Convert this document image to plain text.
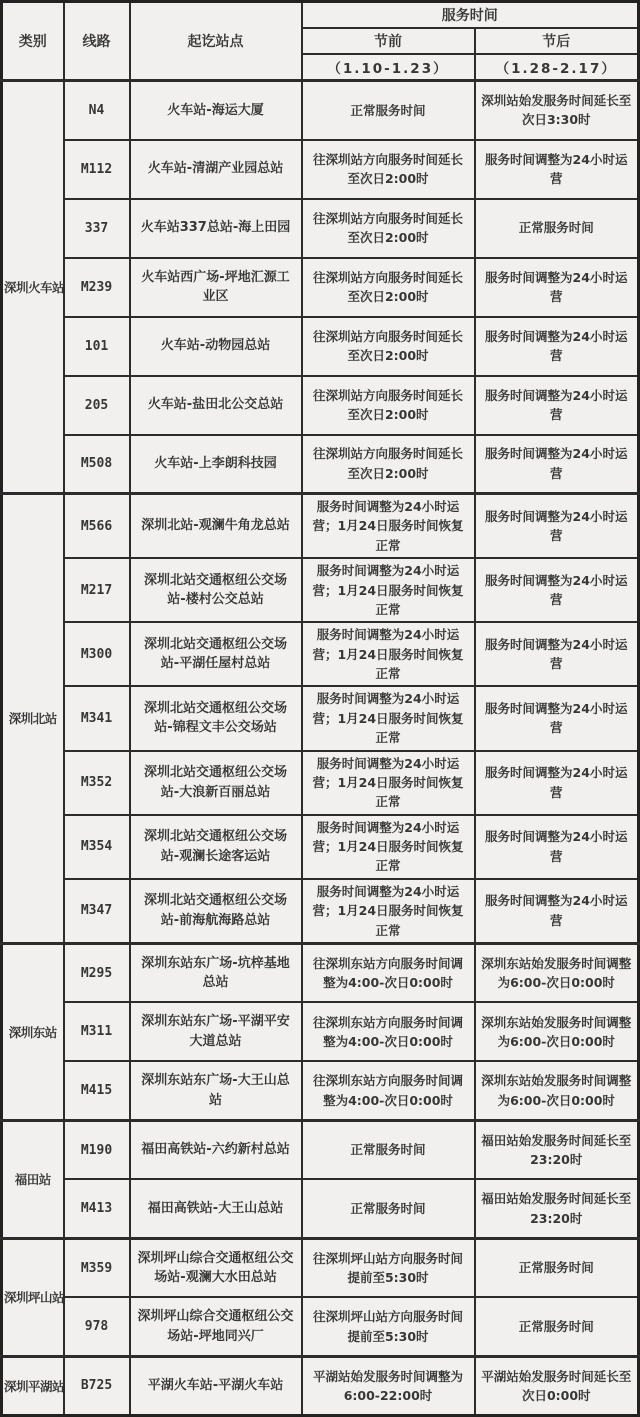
类别	线路	起讫站点	服务时间	
			节前	节后
			（1.10-1.23）	（1.28-2.17）
深圳火车站	N4	火车站-海运大厦	正常服务时间	深圳站始发服务时间延长至次日3:30时
	M112	火车站-清湖产业园总站	往深圳站方向服务时间延长至次日2:00时	服务时间调整为24小时运营
	337	火车站337总站-海上田园	往深圳站方向服务时间延长至次日2:00时	正常服务时间
	M239	火车站西广场-坪地汇源工业区	往深圳站方向服务时间延长至次日2:00时	服务时间调整为24小时运营
	101	火车站-动物园总站	往深圳站方向服务时间延长至次日2:00时	服务时间调整为24小时运营
	205	火车站-盐田北公交总站	往深圳站方向服务时间延长至次日2:00时	服务时间调整为24小时运营
	M508	火车站-上李朗科技园	往深圳站方向服务时间延长至次日2:00时	服务时间调整为24小时运营
深圳北站	M566	深圳北站-观澜牛角龙总站	服务时间调整为24小时运营；1月24日服务时间恢复正常	服务时间调整为24小时运营
	M217	深圳北站交通枢纽公交场站-楼村公交总站	服务时间调整为24小时运营；1月24日服务时间恢复正常	服务时间调整为24小时运营
	M300	深圳北站交通枢纽公交场站-平湖任屋村总站	服务时间调整为24小时运营；1月24日服务时间恢复正常	服务时间调整为24小时运营
	M341	深圳北站交通枢纽公交场站-锦程文丰公交场站	服务时间调整为24小时运营；1月24日服务时间恢复正常	服务时间调整为24小时运营
	M352	深圳北站交通枢纽公交场站-大浪新百丽总站	服务时间调整为24小时运营；1月24日服务时间恢复正常	服务时间调整为24小时运营
	M354	深圳北站交通枢纽公交场站-观澜长途客运站	服务时间调整为24小时运营；1月24日服务时间恢复正常	服务时间调整为24小时运营
	M347	深圳北站交通枢纽公交场站-前海航海路总站	服务时间调整为24小时运营；1月24日服务时间恢复正常	服务时间调整为24小时运营
深圳东站	M295	深圳东站东广场-坑梓基地总站	往深圳东站方向服务时间调整为4:00-次日0:00时	深圳东站始发服务时间调整为6:00-次日0:00时
	M311	深圳东站东广场-平湖平安大道总站	往深圳东站方向服务时间调整为4:00-次日0:00时	深圳东站始发服务时间调整为6:00-次日0:00时
	M415	深圳东站东广场-大王山总站	往深圳东站方向服务时间调整为4:00-次日0:00时	深圳东站始发服务时间调整为6:00-次日0:00时
福田站	M190	福田高铁站-六约新村总站	正常服务时间	福田站始发服务时间延长至23:20时
	M413	福田高铁站-大王山总站	正常服务时间	福田站始发服务时间延长至23:20时
深圳坪山站	M359	深圳坪山综合交通枢纽公交场站-观澜大水田总站	往深圳坪山站方向服务时间提前至5:30时	正常服务时间
	978	深圳坪山综合交通枢纽公交场站-坪地同兴厂	往深圳坪山站方向服务时间提前至5:30时	正常服务时间
深圳平湖站	B725	平湖火车站-平湖火车站	平湖站始发服务时间调整为6:00-22:00时	平湖站始发服务时间延长至次日0:00时
